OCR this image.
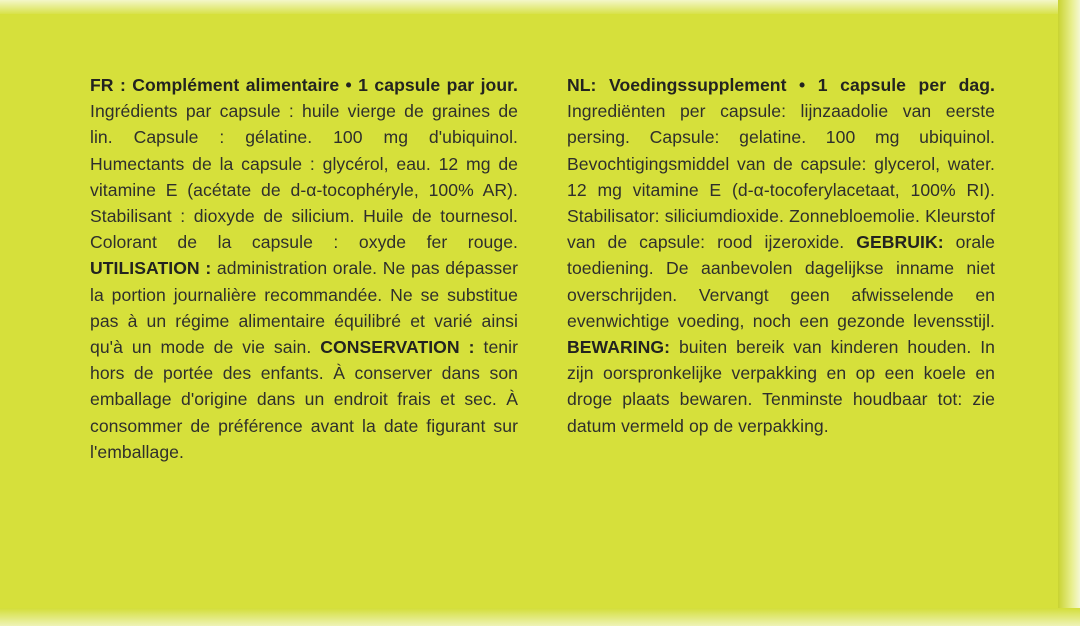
FR : Complément alimentaire • 1 capsule par jour. Ingrédients par capsule : huile vierge de graines de lin. Capsule : gélatine. 100 mg d'ubiquinol. Humectants de la capsule : glycérol, eau. 12 mg de vitamine E (acétate de d-α-tocophéryle, 100% AR). Stabilisant : dioxyde de silicium. Huile de tournesol. Colorant de la capsule : oxyde fer rouge. UTILISATION : administration orale. Ne pas dépasser la portion journalière recommandée. Ne se substitue pas à un régime alimentaire équilibré et varié ainsi qu'à un mode de vie sain. CONSERVATION : tenir hors de portée des enfants. À conserver dans son emballage d'origine dans un endroit frais et sec. À consommer de préférence avant la date figurant sur l'emballage.
NL: Voedingssupplement • 1 capsule per dag. Ingrediënten per capsule: lijnzaadolie van eerste persing. Capsule: gelatine. 100 mg ubiquinol. Bevochtigingsmiddel van de capsule: glycerol, water. 12 mg vitamine E (d-α-tocoferylacetaat, 100% RI). Stabilisator: siliciumdioxide. Zonnebloemolie. Kleurstof van de capsule: rood ijzeroxide. GEBRUIK: orale toediening. De aanbevolen dagelijkse inname niet overschrijden. Vervangt geen afwisselende en evenwichtige voeding, noch een gezonde levensstijl. BEWARING: buiten bereik van kinderen houden. In zijn oorspronkelijke verpakking en op een koele en droge plaats bewaren. Tenminste houdbaar tot: zie datum vermeld op de verpakking.
